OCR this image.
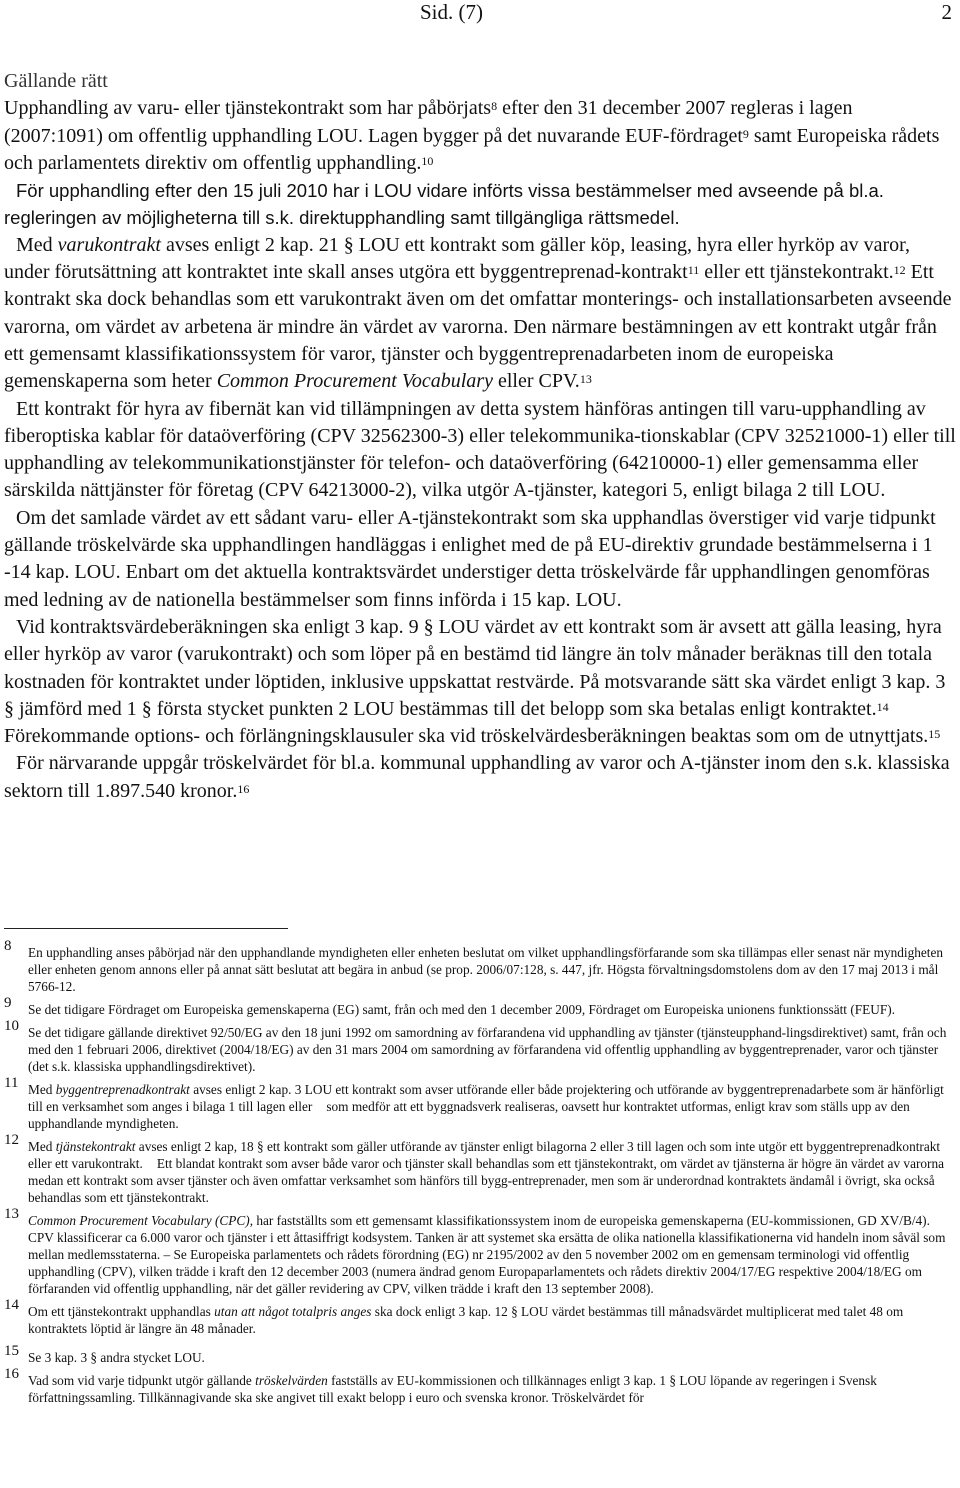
Sid. (7)	2

Gällande rätt

Upphandling av varu- eller tjänstekontrakt som har påbörjats$^8$ efter den 31 december 2007 regleras i lagen (2007:1091) om offentlig upphandling LOU. Lagen bygger på det nuvarande EUF-fördraget$^9$ samt Europeiska rådets och parlamentets direktiv om offentlig upphandling.$^{10}$

För upphandling efter den 15 juli 2010 har i LOU vidare införts vissa bestämmelser med avseende på bl.a. regleringen av möjligheterna till s.k. direktupphandling samt tillgängliga rättsmedel.

Med varukontrakt avses enligt 2 kap. 21 § LOU ett kontrakt som gäller köp, leasing, hyra eller hyrköp av varor, under förutsättning att kontraktet inte skall anses utgöra ett byggentreprenad-kontrakt$^{11}$ eller ett tjänstekontrakt.$^{12}$ Ett kontrakt ska dock behandlas som ett varukontrakt även om det omfattar monterings- och installationsarbeten avseende varorna, om värdet av arbetena är mindre än värdet av varorna. Den närmare bestämningen av ett kontrakt utgår från ett gemensamt klassifikationssystem för varor, tjänster och byggentreprenadarbeten inom de europeiska gemenskaperna som heter Common Procurement Vocabulary eller CPV.$^{13}$

Ett kontrakt för hyra av fibernät kan vid tillämpningen av detta system hänföras antingen till varu-upphandling av fiberoptiska kablar för dataöverföring (CPV 32562300-3) eller telekommunika-tionskablar (CPV 32521000-1) eller till upphandling av telekommunikationstjänster för telefon- och dataöverföring (64210000-1) eller gemensamma eller särskilda nättjänster för företag (CPV 64213000-2), vilka utgör A-tjänster, kategori 5, enligt bilaga 2 till LOU.

Om det samlade värdet av ett sådant varu- eller A-tjänstekontrakt som ska upphandlas överstiger vid varje tidpunkt gällande tröskelvärde ska upphandlingen handläggas i enlighet med de på EU-direktiv grundade bestämmelserna i 1 -14 kap. LOU. Enbart om det aktuella kontraktsvärdet understiger detta tröskelvärde får upphandlingen genomföras med ledning av de nationella bestämmelser som finns införda i 15 kap. LOU.

Vid kontraktsvärdeberäkningen ska enligt 3 kap. 9 § LOU värdet av ett kontrakt som är avsett att gälla leasing, hyra eller hyrköp av varor (varukontrakt) och som löper på en bestämd tid längre än tolv månader beräknas till den totala kostnaden för kontraktet under löptiden, inklusive uppskattat restvärde. På motsvarande sätt ska värdet enligt 3 kap. 3 § jämförd med 1 § första stycket punkten 2 LOU bestämmas till det belopp som ska betalas enligt kontraktet.$^{14}$ Förekommande options- och förlängningsklausuler ska vid tröskelvärdesberäkningen beaktas som om de utnyttjats.$^{15}$

För närvarande uppgår tröskelvärdet för bl.a. kommunal upphandling av varor och A-tjänster inom den s.k. klassiska sektorn till 1.897.540 kronor.$^{16}$

8 En upphandling anses påbörjad när den upphandlande myndigheten eller enheten beslutat om vilket upphandlingsförfarande som ska tillämpas eller senast när myndigheten eller enheten genom annons eller på annat sätt beslutat att begära in anbud (se prop. 2006/07:128, s. 447, jfr. Högsta förvaltningsdomstolens dom av den 17 maj 2013 i mål 5766-12.
9 Se det tidigare Fördraget om Europeiska gemenskaperna (EG) samt, från och med den 1 december 2009, Fördraget om Europeiska unionens funktionssätt (FEUF).
10 Se det tidigare gällande direktivet 92/50/EG av den 18 juni 1992 om samordning av förfarandena vid upphandling av tjänster (tjänsteupphand-lingsdirektivet) samt, från och med den 1 februari 2006, direktivet (2004/18/EG) av den 31 mars 2004 om samordning av förfarandena vid offentlig upphandling av byggentreprenader, varor och tjänster (det s.k. klassiska upphandlingsdirektivet).
11 Med byggentreprenadkontrakt avses enligt 2 kap. 3 LOU ett kontrakt som avser utförande eller både projektering och utförande av byggentreprenadarbete som är hänförligt till en verksamhet som anges i bilaga 1 till lagen eller som medför att ett byggnadsverk realiseras, oavsett hur kontraktet utformas, enligt krav som ställs upp av den upphandlande myndigheten.
12 Med tjänstekontrakt avses enligt 2 kap, 18 § ett kontrakt som gäller utförande av tjänster enligt bilagorna 2 eller 3 till lagen och som inte utgör ett byggentreprenadkontrakt eller ett varukontrakt. Ett blandat kontrakt som avser både varor och tjänster skall behandlas som ett tjänstekontrakt, om värdet av tjänsterna är högre än värdet av varorna medan ett kontrakt som avser tjänster och även omfattar verksamhet som hänförs till bygg-entreprenader, men som är underordnad kontraktets ändamål i övrigt, ska också behandlas som ett tjänstekontrakt.
13 Common Procurement Vocabulary (CPC), har fastställts som ett gemensamt klassifikationssystem inom de europeiska gemenskaperna (EU-kommissionen, GD XV/B/4). CPV klassificerar ca 6.000 varor och tjänster i ett åttasiffrigt kodsystem. Tanken är att systemet ska ersätta de olika nationella klassifikationerna vid handeln inom såväl som mellan medlemsstaterna. – Se Europeiska parlamentets och rådets förordning (EG) nr 2195/2002 av den 5 november 2002 om en gemensam terminologi vid offentlig upphandling (CPV), vilken trädde i kraft den 12 december 2003 (numera ändrad genom Europaparlamentets och rådets direktiv 2004/17/EG respektive 2004/18/EG om förfaranden vid offentlig upphandling, när det gäller revidering av CPV, vilken trädde i kraft den 13 september 2008).
14 Om ett tjänstekontrakt upphandlas utan att något totalpris anges ska dock enligt 3 kap. 12 § LOU värdet bestämmas till månadsvärdet multiplicerat med talet 48 om kontraktets löptid är längre än 48 månader.
15 Se 3 kap. 3 § andra stycket LOU.
16 Vad som vid varje tidpunkt utgör gällande tröskelvärden fastställs av EU-kommissionen och tillkännages enligt 3 kap. 1 § LOU löpande av regeringen i Svensk författningssamling. Tillkännagivande ska ske angivet till exakt belopp i euro och svenska kronor. Tröskelvärdet för
